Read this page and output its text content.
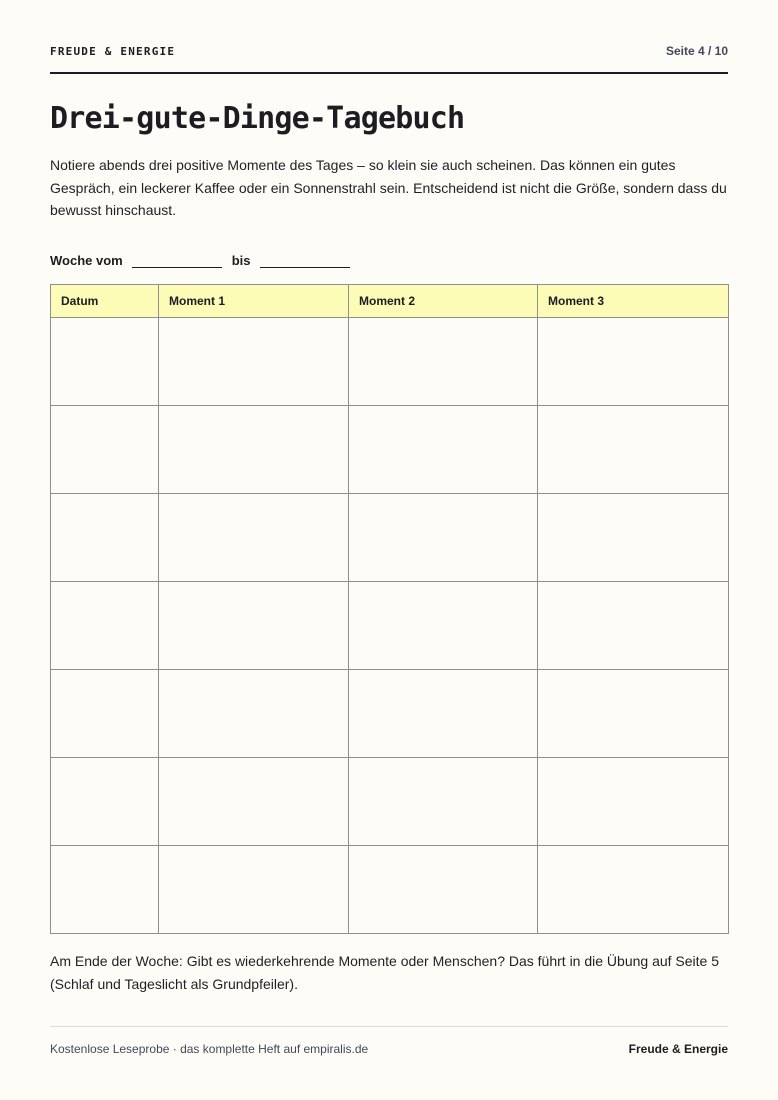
FREUDE & ENERGIE	Seite 4 / 10
Drei-gute-Dinge-Tagebuch

Notiere abends drei positive Momente des Tages – so klein sie auch scheinen. Das können ein gutes Gespräch, ein leckerer Kaffee oder ein Sonnenstrahl sein. Entscheidend ist nicht die Größe, sondern dass du bewusst hinschaust.

Woche vom	bis
Datum	Moment 1	Moment 2	Moment 3

Am Ende der Woche: Gibt es wiederkehrende Momente oder Menschen? Das führt in die Übung auf Seite 5 (Schlaf und Tageslicht als Grundpfeiler).

Kostenlose Leseprobe · das komplette Heft auf empiralis.de	Freude & Energie
